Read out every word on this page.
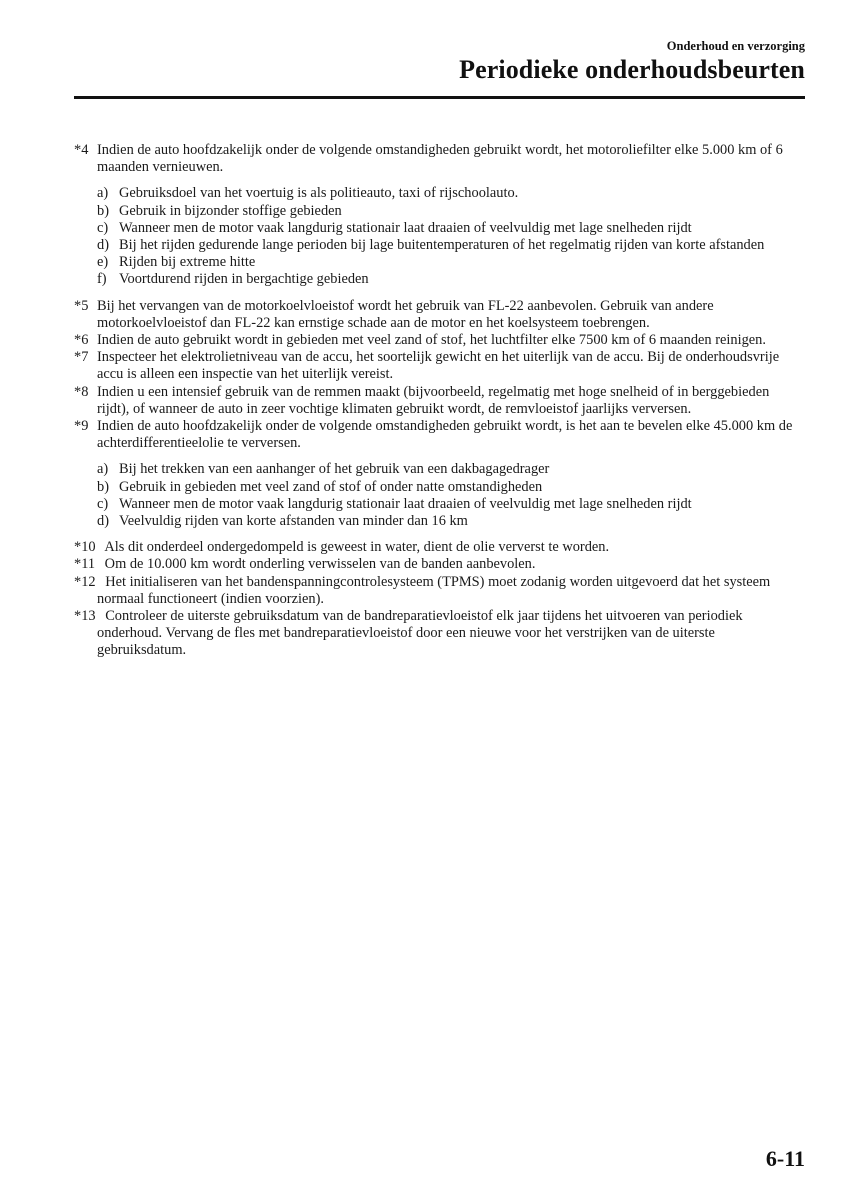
Onderhoud en verzorging
Periodieke onderhoudsbeurten
*4 Indien de auto hoofdzakelijk onder de volgende omstandigheden gebruikt wordt, het motoroliefilter elke 5.000 km of 6 maanden vernieuwen.
a) Gebruiksdoel van het voertuig is als politieauto, taxi of rijschoolauto.
b) Gebruik in bijzonder stoffige gebieden
c) Wanneer men de motor vaak langdurig stationair laat draaien of veelvuldig met lage snelheden rijdt
d) Bij het rijden gedurende lange perioden bij lage buitentemperaturen of het regelmatig rijden van korte afstanden
e) Rijden bij extreme hitte
f) Voortdurend rijden in bergachtige gebieden
*5 Bij het vervangen van de motorkoelvloeistof wordt het gebruik van FL-22 aanbevolen. Gebruik van andere motorkoelvloeistof dan FL-22 kan ernstige schade aan de motor en het koelsysteem toebrengen.
*6 Indien de auto gebruikt wordt in gebieden met veel zand of stof, het luchtfilter elke 7500 km of 6 maanden reinigen.
*7 Inspecteer het elektrolietniveau van de accu, het soortelijk gewicht en het uiterlijk van de accu. Bij de onderhoudsvrije accu is alleen een inspectie van het uiterlijk vereist.
*8 Indien u een intensief gebruik van de remmen maakt (bijvoorbeeld, regelmatig met hoge snelheid of in berggebieden rijdt), of wanneer de auto in zeer vochtige klimaten gebruikt wordt, de remvloeistof jaarlijks verversen.
*9 Indien de auto hoofdzakelijk onder de volgende omstandigheden gebruikt wordt, is het aan te bevelen elke 45.000 km de achterdifferentieelolie te verversen.
a) Bij het trekken van een aanhanger of het gebruik van een dakbagagedrager
b) Gebruik in gebieden met veel zand of stof of onder natte omstandigheden
c) Wanneer men de motor vaak langdurig stationair laat draaien of veelvuldig met lage snelheden rijdt
d) Veelvuldig rijden van korte afstanden van minder dan 16 km
*10 Als dit onderdeel ondergedompeld is geweest in water, dient de olie ververst te worden.
*11 Om de 10.000 km wordt onderling verwisselen van de banden aanbevolen.
*12 Het initialiseren van het bandenspanningcontrolesysteem (TPMS) moet zodanig worden uitgevoerd dat het systeem normaal functioneert (indien voorzien).
*13 Controleer de uiterste gebruiksdatum van de bandreparatievloeistof elk jaar tijdens het uitvoeren van periodiek onderhoud. Vervang de fles met bandreparatievloeistof door een nieuwe voor het verstrijken van de uiterste gebruiksdatum.
6-11
